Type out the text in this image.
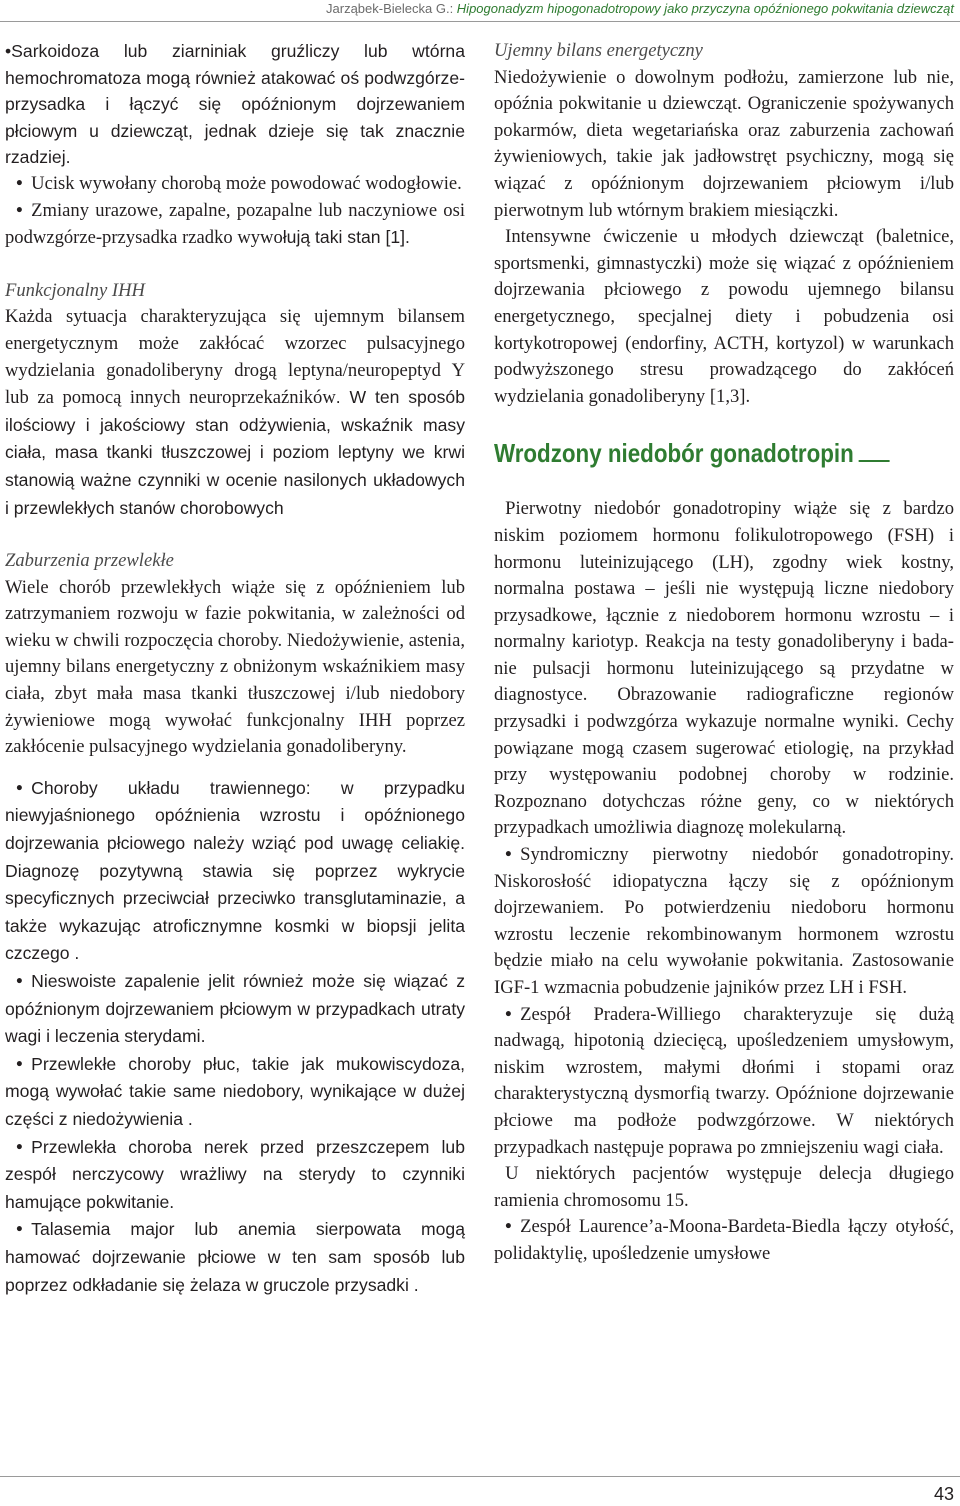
Jarząbek-Bielecka G.: Hipogonadyzm hipogonadotropowy jako przyczyna opóźnionego pokwitania dziewcząt

•Sarkoidoza lub ziarniniak gruźliczy lub wtórna hemochromatoza mogą również atakować oś podwzgórze-przysadka i łączyć się opóźnionym dojrzewaniem płciowym u dziewcząt, jednak dzieje się tak znacznie rzadziej.

• Ucisk wywołany chorobą może powodować wodogłowie.

• Zmiany urazowe, zapalne, pozapalne lub naczyniowe osi podwzgórze-przysadka rzadko wywołują taki stan [1].

Funkcjonalny IHH

Każda sytuacja charakteryzująca się ujemnym bilansem energetycznym może zakłócać wzorzec pulsacyjnego wydzielania gonadoliberyny drogą leptyna/neuropeptyd Y lub za pomocą innych neuroprzekaźników. W ten sposób ilościowy i jakościowy stan odżywienia, wskaźnik masy ciała, masa tkanki tłuszczowej i poziom leptyny we krwi stanowią ważne czynniki w ocenie nasilonych układowych i przewlekłych stanów chorobowych

Zaburzenia przewlekłe

Wiele chorób przewlekłych wiąże się z opóźnieniem lub zatrzymaniem rozwoju w fazie pokwitania, w zależności od wieku w chwili rozpoczęcia choroby. Niedożywienie, astenia, ujemny bilans energetyczny z obniżonym wskaźnikiem masy ciała, zbyt mała masa tkanki tłuszczowej i/lub niedobory żywieniowe mogą wywołać funkcjonalny IHH poprzez zakłócenie pulsacyjnego wydzielania gonadoliberyny.

• Choroby układu trawiennego: w przypadku niewyjaśnionego opóźnienia wzrostu i opóźnionego dojrzewania płciowego należy wziąć pod uwagę celiakię. Diagnozę pozytywną stawia się poprzez wykrycie specyficznych przeciwciał przeciwko transglutaminazie, a także wykazując atroficznymne kosmki w biopsji jelita czczego .

• Nieswoiste zapalenie jelit również może się wiązać z opóźnionym dojrzewaniem płciowym w przypadkach utraty wagi i leczenia sterydami.

• Przewlekłe choroby płuc, takie jak mukowiscydoza, mogą wywołać takie same niedobory, wynikające w dużej części z niedożywienia .

• Przewlekła choroba nerek przed przeszczepem lub zespół nerczycowy wrażliwy na sterydy to czynniki hamujące pokwitanie.

• Talasemia major lub anemia sierpowata mogą hamować dojrzewanie płciowe w ten sam sposób lub poprzez odkładanie się żelaza w gruczole przysadki .

Ujemny bilans energetyczny

Niedożywienie o dowolnym podłożu, zamierzone lub nie, opóźnia pokwitanie u dziewcząt. Ograniczenie spożywanych pokarmów, dieta wegetariańska oraz zaburzenia zachowań żywieniowych, takie jak jadłowstręt psychiczny, mogą się wiązać z opóźnionym dojrzewaniem płciowym i/lub pierwotnym lub wtórnym brakiem miesiączki.

Intensywne ćwiczenie u młodych dziewcząt (baletnice, sportsmenki, gimnastyczki) może się wiązać z opóźnieniem dojrzewania płciowego z powodu ujemnego bilansu energetycznego, specjalnej diety i pobudzenia osi kortykotropowej (endorfiny, ACTH, kortyzol) w warunkach podwyższonego stresu prowadzącego do zakłóceń wydzielania gonadoliberyny [1,3].

Wrodzony niedobór gonadotropin

Pierwotny niedobór gonadotropiny wiąże się z bardzo niskim poziomem hormonu folikulotropowego (FSH) i hormonu luteinizującego (LH), zgodny wiek kostny, normalna postawa – jeśli nie występują liczne niedobory przysadkowe, łącznie z niedoborem hormonu wzrostu – i normalny kariotyp. Reakcja na testy gonadoliberyny i badanie pulsacji hormonu luteinizującego są przydatne w diagnostyce. Obrazowanie radiograficzne regionów przysadki i podwzgórza wykazuje normalne wyniki. Cechy powiązane mogą czasem sugerować etiologię, na przykład przy występowaniu podobnej choroby w rodzinie. Rozpoznano dotychczas różne geny, co w niektórych przypadkach umożliwia diagnozę molekularną.

• Syndromiczny pierwotny niedobór gonadotropiny. Niskorosłość idiopatyczna łączy się z opóźnionym dojrzewaniem. Po potwierdzeniu niedoboru hormonu wzrostu leczenie rekombinowanym hormonem wzrostu będzie miało na celu wywołanie pokwitania. Zastosowanie IGF-1 wzmacnia pobudzenie jajników przez LH i FSH.

• Zespół Pradera-Williego charakteryzuje się dużą nadwagą, hipotonią dziecięcą, upośledzeniem umysłowym, niskim wzrostem, małymi dłońmi i stopami oraz charakterystyczną dysmorfią twarzy. Opóźnione dojrzewanie płciowe ma podłoże podwzgórzowe. W niektórych przypadkach następuje poprawa po zmniejszeniu wagi ciała.

U niektórych pacjentów występuje delecja długiego ramienia chromosomu 15.

• Zespół Laurence’a-Moona-Bardeta-Biedla łączy otyłość, polidaktylię, upośledzenie umysłowe

43
